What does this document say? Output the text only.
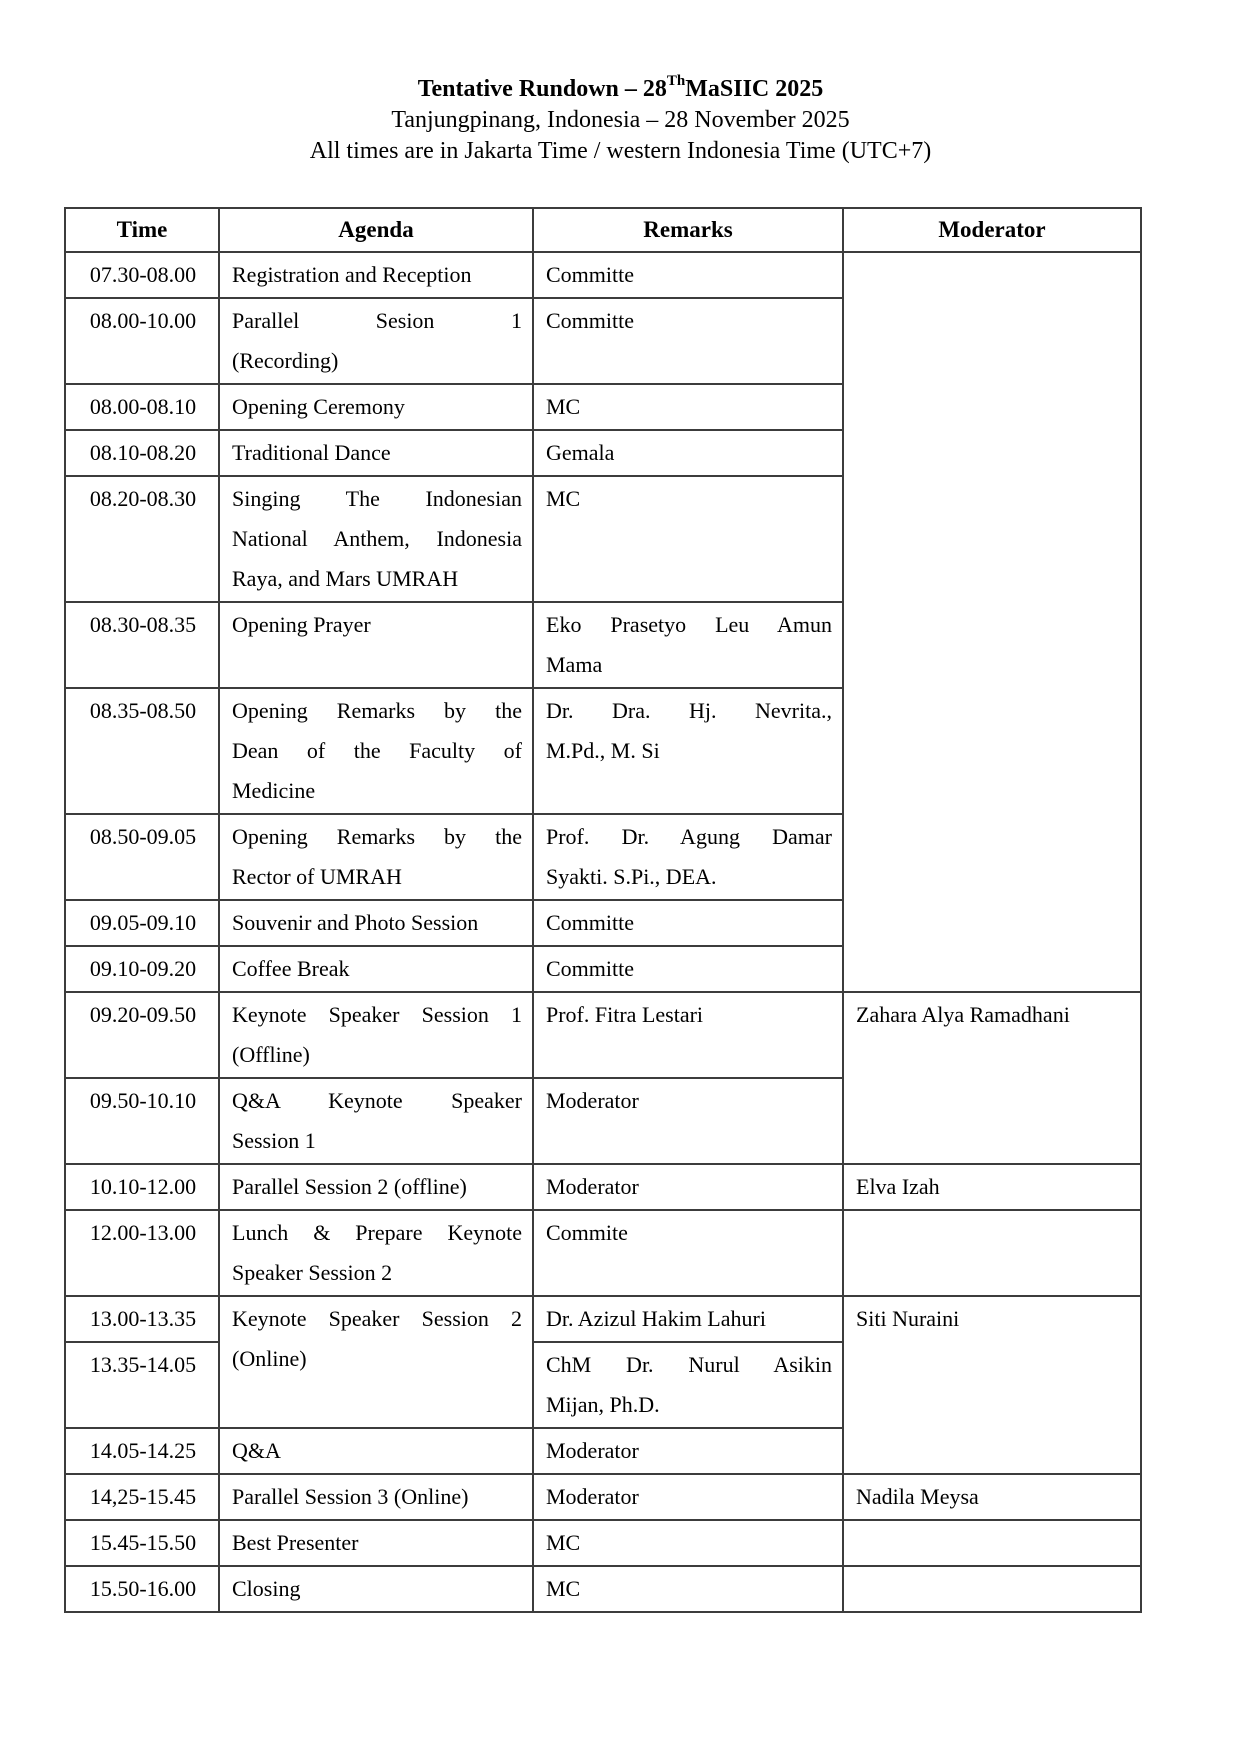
Tentative Rundown – 28ThMaSIIC 2025
Tanjungpinang, Indonesia – 28 November 2025
All times are in Jakarta Time / western Indonesia Time (UTC+7)
Time	Agenda	Remarks	Moderator
07.30-08.00	Registration and Reception	Committe	

08.00-10.00	Parallel Sesion 1
(Recording)	Committe	

08.00-08.10	Opening Ceremony	MC	

08.10-08.20	Traditional Dance	Gemala	

08.20-08.30	Singing The Indonesian
National Anthem, Indonesia
Raya, and Mars UMRAH	MC	

08.30-08.35	Opening Prayer	Eko Prasetyo Leu Amun
Mama	

08.35-08.50	Opening Remarks by the
Dean of the Faculty of
Medicine	Dr. Dra. Hj. Nevrita.,
M.Pd., M. Si	

08.50-09.05	Opening Remarks by the
Rector of UMRAH	Prof. Dr. Agung Damar
Syakti. S.Pi., DEA.	

09.05-09.10	Souvenir and Photo Session	Committe	

09.10-09.20	Coffee Break	Committe	

09.20-09.50	Keynote Speaker Session 1
(Offline)	Prof. Fitra Lestari	Zahara Alya Ramadhani
09.50-10.10	Q&A Keynote Speaker
Session 1	Moderator	

10.10-12.00	Parallel Session 2 (offline)	Moderator	Elva Izah
12.00-13.00	Lunch & Prepare Keynote
Speaker Session 2	Commite	

13.00-13.35	Keynote Speaker Session 2
(Online)	Dr. Azizul Hakim Lahuri	Siti Nuraini
13.35-14.05		ChM Dr. Nurul Asikin
Mijan, Ph.D.	

14.05-14.25	Q&A	Moderator	

14,25-15.45	Parallel Session 3 (Online)	Moderator	Nadila Meysa
15.45-15.50	Best Presenter	MC	

15.50-16.00	Closing	MC	
